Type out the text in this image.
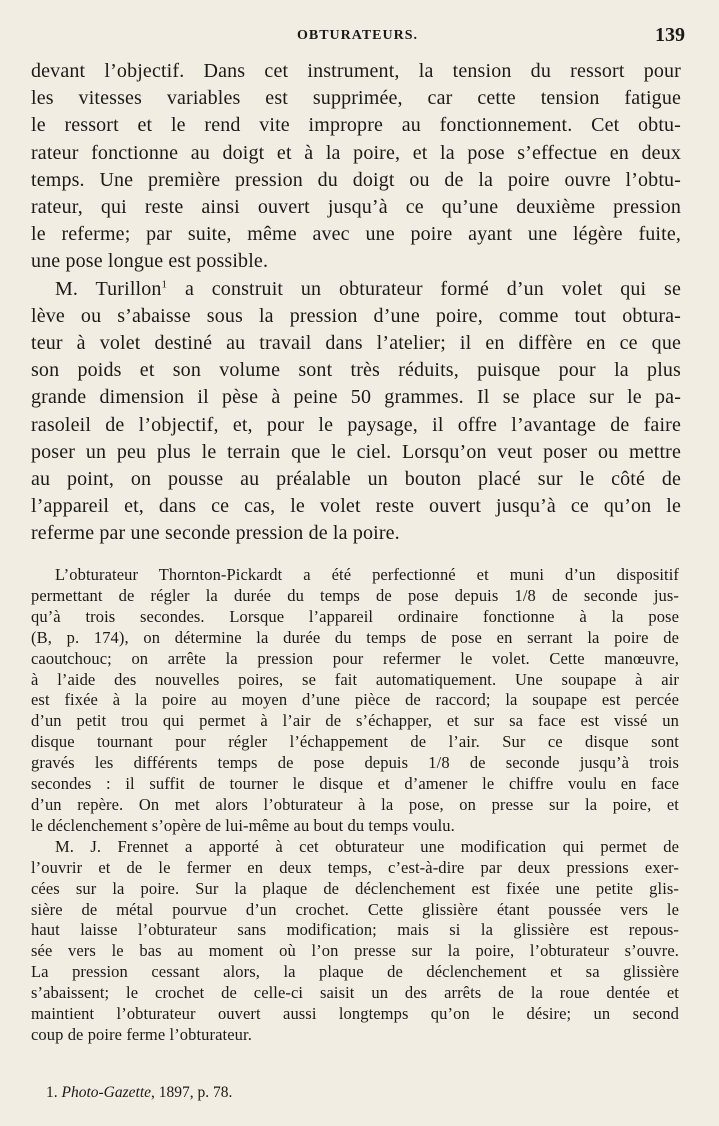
OBTURATEURS.	139
devant l’objectif. Dans cet instrument, la tension du ressort pour
les vitesses variables est supprimée, car cette tension fatigue
le ressort et le rend vite impropre au fonctionnement. Cet obtu-
rateur fonctionne au doigt et à la poire, et la pose s’effectue en deux
temps. Une première pression du doigt ou de la poire ouvre l’obtu-
rateur, qui reste ainsi ouvert jusqu’à ce qu’une deuxième pression
le referme; par suite, même avec une poire ayant une légère fuite,
une pose longue est possible.
M. Turillon$^1$ a construit un obturateur formé d’un volet qui se
lève ou s’abaisse sous la pression d’une poire, comme tout obtura-
teur à volet destiné au travail dans l’atelier; il en diffère en ce que
son poids et son volume sont très réduits, puisque pour la plus
grande dimension il pèse à peine 50 grammes. Il se place sur le pa-
rasoleil de l’objectif, et, pour le paysage, il offre l’avantage de faire
poser un peu plus le terrain que le ciel. Lorsqu’on veut poser ou mettre
au point, on pousse au préalable un bouton placé sur le côté de
l’appareil et, dans ce cas, le volet reste ouvert jusqu’à ce qu’on le
referme par une seconde pression de la poire.
L’obturateur Thornton-Pickardt a été perfectionné et muni d’un dispositif
permettant de régler la durée du temps de pose depuis 1/8 de seconde jus-
qu’à trois secondes. Lorsque l’appareil ordinaire fonctionne à la pose
(B, p. 174), on détermine la durée du temps de pose en serrant la poire de
caoutchouc; on arrête la pression pour refermer le volet. Cette manœuvre,
à l’aide des nouvelles poires, se fait automatiquement. Une soupape à air
est fixée à la poire au moyen d’une pièce de raccord; la soupape est percée
d’un petit trou qui permet à l’air de s’échapper, et sur sa face est vissé un
disque tournant pour régler l’échappement de l’air. Sur ce disque sont
gravés les différents temps de pose depuis 1/8 de seconde jusqu’à trois
secondes : il suffit de tourner le disque et d’amener le chiffre voulu en face
d’un repère. On met alors l’obturateur à la pose, on presse sur la poire, et
le déclenchement s’opère de lui-même au bout du temps voulu.
M. J. Frennet a apporté à cet obturateur une modification qui permet de
l’ouvrir et de le fermer en deux temps, c’est-à-dire par deux pressions exer-
cées sur la poire. Sur la plaque de déclenchement est fixée une petite glis-
sière de métal pourvue d’un crochet. Cette glissière étant poussée vers le
haut laisse l’obturateur sans modification; mais si la glissière est repous-
sée vers le bas au moment où l’on presse sur la poire, l’obturateur s’ouvre.
La pression cessant alors, la plaque de déclenchement et sa glissière
s’abaissent; le crochet de celle-ci saisit un des arrêts de la roue dentée et
maintient l’obturateur ouvert aussi longtemps qu’on le désire; un second
coup de poire ferme l’obturateur.
1. Photo-Gazette, 1897, p. 78.
